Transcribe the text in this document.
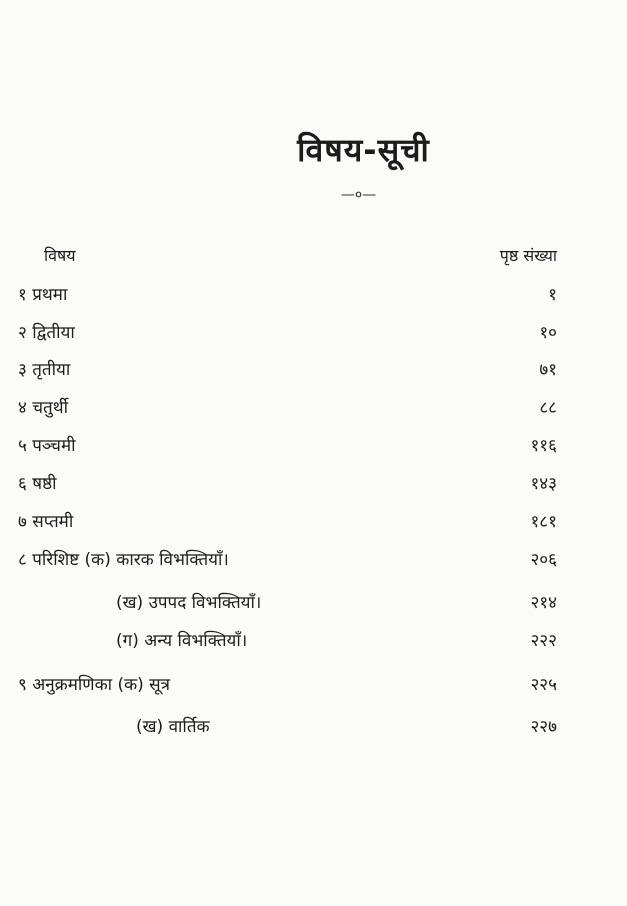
विषय-सूची
—०—
विषय	पृष्ठ संख्या
१ प्रथमा	१
२ द्वितीया	१०
३ तृतीया	७१
४ चतुर्थी	८८
५ पञ्चमी	११६
६ षष्ठी	१४३
७ सप्तमी	१८१
८ परिशिष्ट (क) कारक विभक्तियाँ।	२०६
(ख) उपपद विभक्तियाँ।	२१४
(ग) अन्य विभक्तियाँ।	२२२
९ अनुक्रमणिका (क) सूत्र	२२५
(ख) वार्तिक	२२७
